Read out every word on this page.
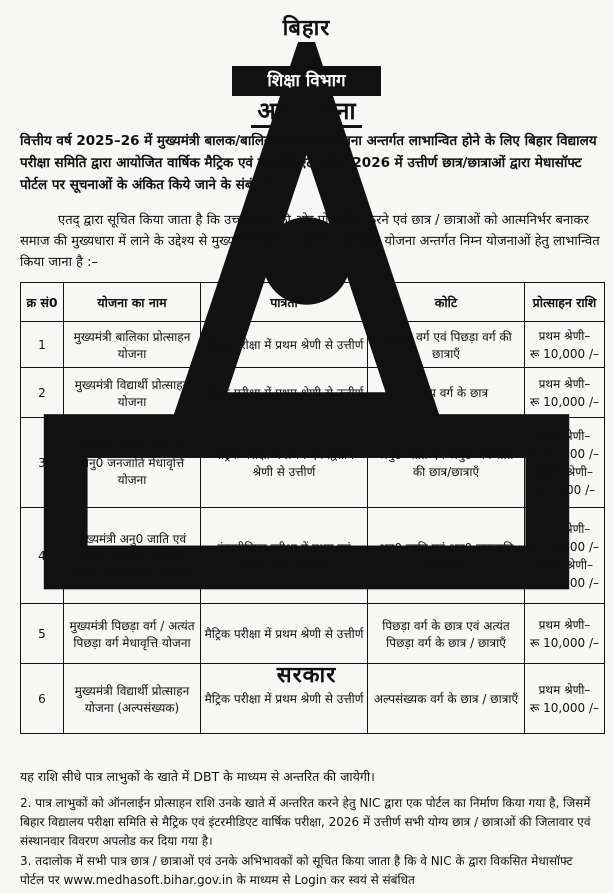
बिहार  सरकार
शिक्षा विभाग
आम सूचना
वित्तीय वर्ष 2025–26 में मुख्यमंत्री बालक/बालिका प्रोत्साहन योजना अन्तर्गत लाभान्वित होने के लिए बिहार विद्यालय परीक्षा समिति द्वारा आयोजित वार्षिक मैट्रिक एवं इंटरमीडिएट परीक्षा 2026 में उत्तीर्ण छात्र/छात्राओं द्वारा मेधासॉफ्ट पोर्टल पर सूचनाओं के अंकित किये जाने के संबंध में।
एतद् द्वारा सूचित किया जाता है कि उच्च शिक्षा की ओर प्रोत्साहित करने एवं छात्र / छात्राओं को आत्मनिर्भर बनाकर समाज की मुख्यधारा में लाने के उद्देश्य से मुख्यमंत्री बालक / बालिका प्रोत्साहन योजना अन्तर्गत निम्न योजनाओं हेतु लाभान्वित किया जाना है :–
क्र सं0	योजना का नाम	पात्रता	कोटि	प्रोत्साहन राशि
1	मुख्यमंत्री बालिका प्रोत्साहन योजना	मैट्रिक परीक्षा में प्रथम श्रेणी से उत्तीर्ण	सामान्य वर्ग एवं पिछड़ा वर्ग की छात्राएँ	प्रथम श्रेणी–
रू 10,000 /–

2	मुख्यमंत्री विद्यार्थी प्रोत्साहन योजना	मैट्रिक परीक्षा में प्रथम श्रेणी से उत्तीर्ण	सामान्य वर्ग के छात्र	प्रथम श्रेणी–
रू 10,000 /–

3	मुख्यमंत्री अनु0 जाति एवं अनु0 जनजाति मेधावृत्ति योजना	मैट्रिक परीक्षा में प्रथम एवं द्वितीय श्रेणी से उत्तीर्ण	अनु0 जाति एवं अनु0 जनजाति की छात्र/छात्राएँ	प्रथम श्रेणी–
रू 10,000 /–
द्वितीय श्रेणी–
रू 8,000 /–

4	मुख्यमंत्री अनु0 जाति एवं अनु0 जनजाति मेधावृत्ति योजना (इंटरमीडिएट उत्तीर्ण)	इंटरमीडिएट परीक्षा में प्रथम एवं द्वितीय श्रेणी से उत्तीर्ण	अनु0 जाति एवं अनु0 जनजाति की छात्राएँ	प्रथम श्रेणी–
रू 15,000 /–
द्वितीय श्रेणी–
रू 10,000 /–

5	मुख्यमंत्री पिछड़ा वर्ग / अत्यंत पिछड़ा वर्ग मेधावृत्ति योजना	मैट्रिक परीक्षा में प्रथम श्रेणी से उत्तीर्ण	पिछड़ा वर्ग के छात्र एवं अत्यंत पिछड़ा वर्ग के छात्र / छात्राएँ	प्रथम श्रेणी–
रू 10,000 /–

6	मुख्यमंत्री विद्यार्थी प्रोत्साहन योजना (अल्पसंख्यक)	मैट्रिक परीक्षा में प्रथम श्रेणी से उत्तीर्ण	अल्पसंख्यक वर्ग के छात्र / छात्राएँ	प्रथम श्रेणी–
रू 10,000 /–
यह राशि सीधे पात्र लाभुकों के खाते में DBT के माध्यम से अन्तरित की जायेगी।
2. पात्र लाभुकों को ऑनलाईन प्रोत्साहन राशि उनके खाते में अन्तरित करने हेतु NIC द्वारा एक पोर्टल का निर्माण किया गया है, जिसमें बिहार विद्यालय परीक्षा समिति से मैट्रिक एवं इंटरमीडिएट वार्षिक परीक्षा, 2026 में उत्तीर्ण सभी योग्य छात्र / छात्राओं की जिलावार एवं संस्थानवार विवरण अपलोड कर दिया गया है।
3. तदालोक में सभी पात्र छात्र / छात्राओं एवं उनके अभिभावकों को सूचित किया जाता है कि वे NIC के द्वारा विकसित मेधासॉफ्ट पोर्टल पर www.medhasoft.bihar.gov.in के माध्यम से Login कर स्वयं से संबंधित
